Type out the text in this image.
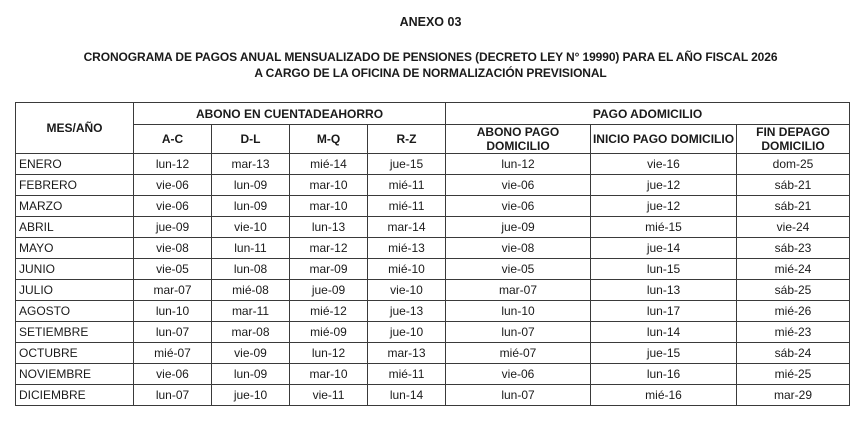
ANEXO 03
CRONOGRAMA DE PAGOS ANUAL MENSUALIZADO DE PENSIONES (DECRETO LEY N° 19990) PARA EL AÑO FISCAL 2026
A CARGO DE LA OFICINA DE NORMALIZACIÓN PREVISIONAL
MES/AÑO	ABONO EN CUENTADEAHORRO				PAGO ADOMICILIO		
					ABONO PAGO DOMICILIO	INICIO PAGO DOMICILIO	FIN DEPAGO DOMICILIO
	A-C	D-L	M-Q	R-Z			
ENERO	lun-12	mar-13	mié-14	jue-15	lun-12	vie-16	dom-25
FEBRERO	vie-06	lun-09	mar-10	mié-11	vie-06	jue-12	sáb-21
MARZO	vie-06	lun-09	mar-10	mié-11	vie-06	jue-12	sáb-21
ABRIL	jue-09	vie-10	lun-13	mar-14	jue-09	mié-15	vie-24
MAYO	vie-08	lun-11	mar-12	mié-13	vie-08	jue-14	sáb-23
JUNIO	vie-05	lun-08	mar-09	mié-10	vie-05	lun-15	mié-24
JULIO	mar-07	mié-08	jue-09	vie-10	mar-07	lun-13	sáb-25
AGOSTO	lun-10	mar-11	mié-12	jue-13	lun-10	lun-17	mié-26
SETIEMBRE	lun-07	mar-08	mié-09	jue-10	lun-07	lun-14	mié-23
OCTUBRE	mié-07	vie-09	lun-12	mar-13	mié-07	jue-15	sáb-24
NOVIEMBRE	vie-06	lun-09	mar-10	mié-11	vie-06	lun-16	mié-25
DICIEMBRE	lun-07	jue-10	vie-11	lun-14	lun-07	mié-16	mar-29
